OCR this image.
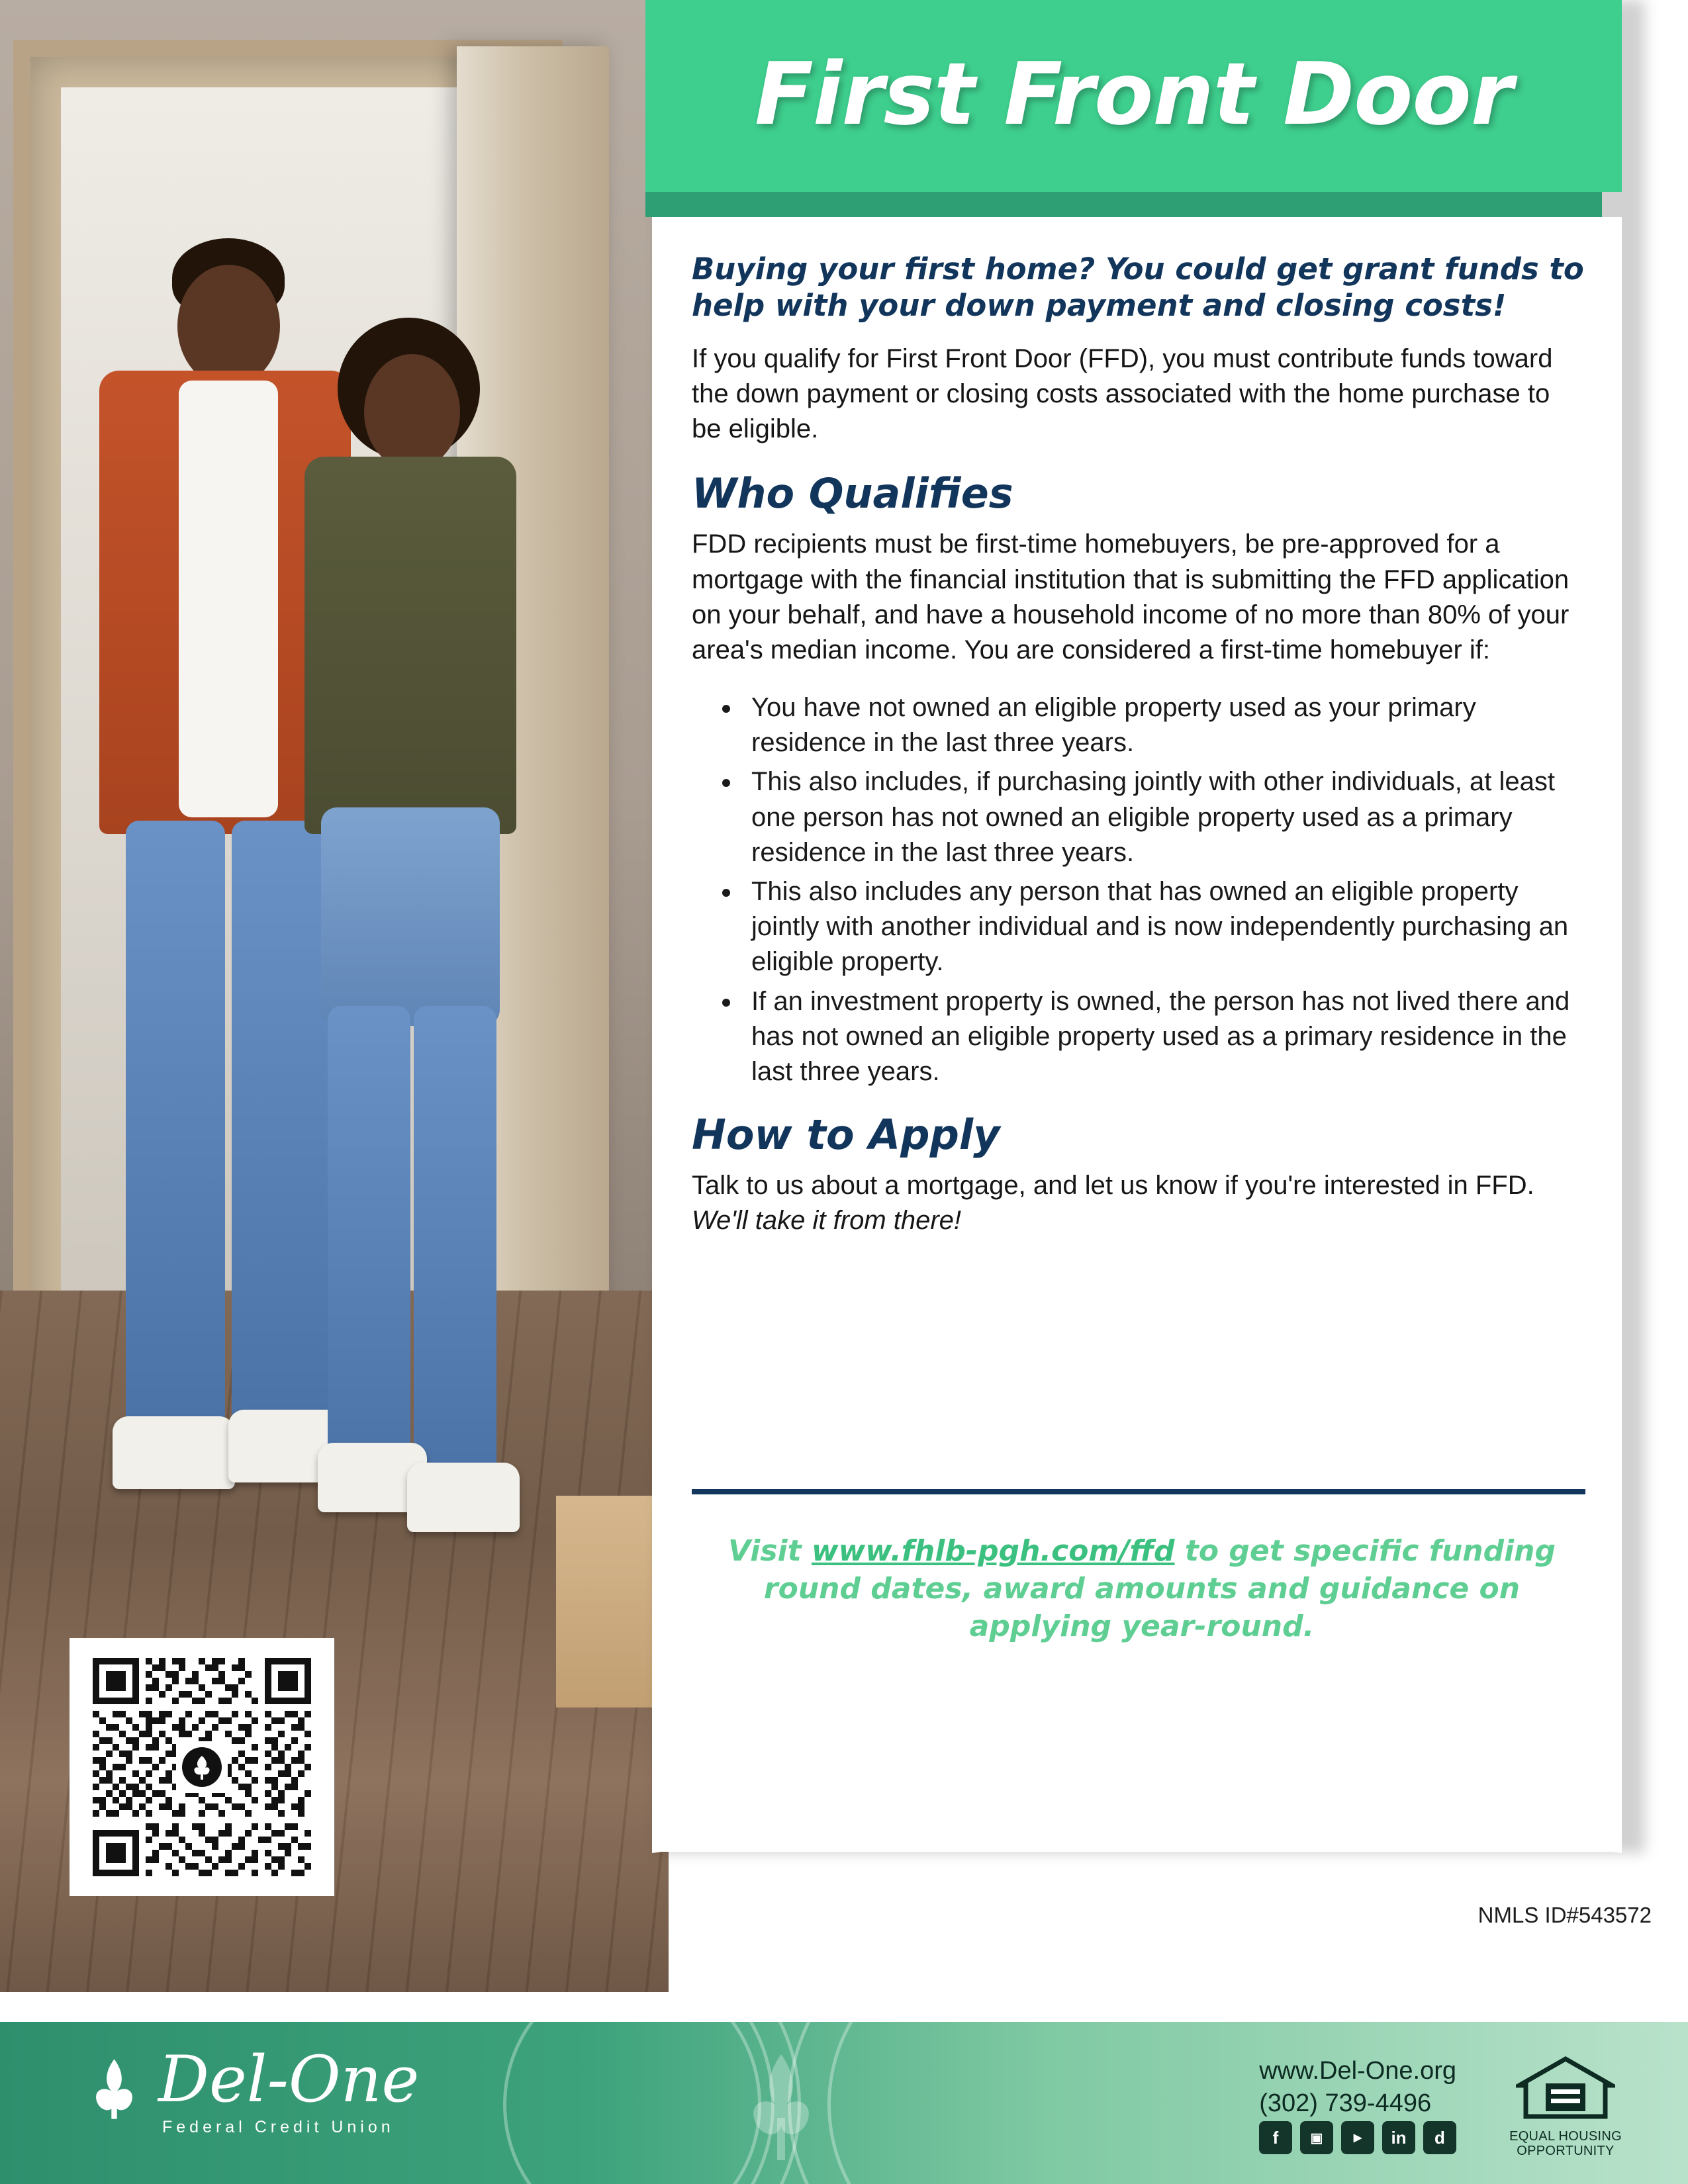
First Front Door

Buying your first home? You could get grant funds to help with your down payment and closing costs!

If you qualify for First Front Door (FFD), you must contribute funds toward the down payment or closing costs associated with the home purchase to be eligible.

Who Qualifies

FDD recipients must be first-time homebuyers, be pre-approved for a mortgage with the financial institution that is submitting the FFD application on your behalf, and have a household income of no more than 80% of your area's median income. You are considered a first-time homebuyer if:

• You have not owned an eligible property used as your primary residence in the last three years.
• This also includes, if purchasing jointly with other individuals, at least one person has not owned an eligible property used as a primary residence in the last three years.
• This also includes any person that has owned an eligible property jointly with another individual and is now independently purchasing an eligible property.
• If an investment property is owned, the person has not lived there and has not owned an eligible property used as a primary residence in the last three years.
How to Apply

Talk to us about a mortgage, and let us know if you're interested in FFD. We'll take it from there!

Visit www.fhlb-pgh.com/ffd to get specific funding round dates, award amounts and guidance on applying year-round.
NMLS ID#543572
Del-One
Federal Credit Union
www.Del-One.org
(302) 739-4496
f	▣	▶	in	d	EQUAL HOUSING
OPPORTUNITY
